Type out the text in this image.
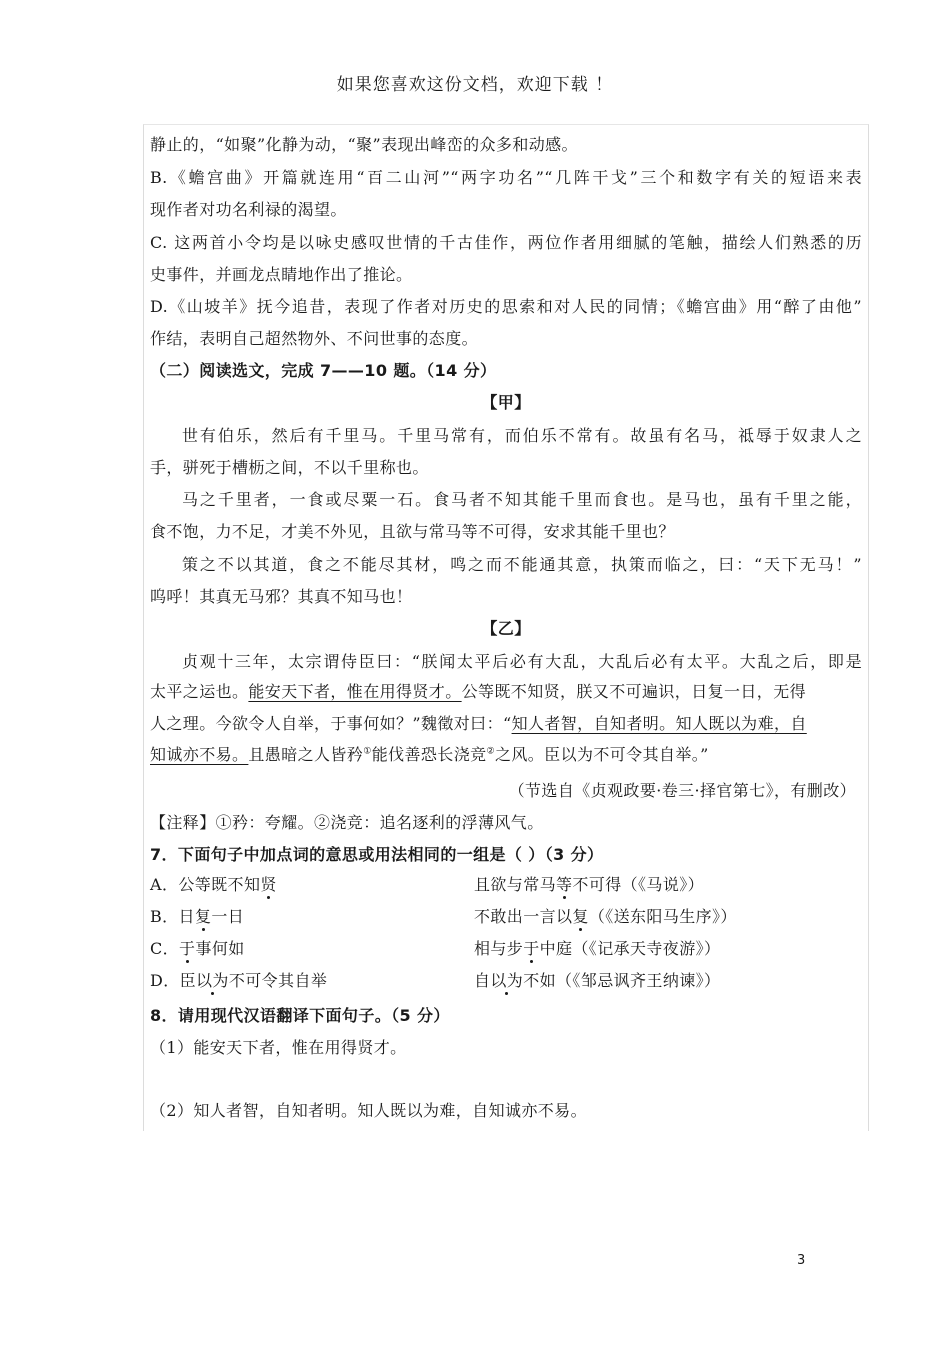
如果您喜欢这份文档，欢迎下载 ！
静止的，“如聚”化静为动，“聚”表现出峰峦的众多和动感。
B.《蟾宫曲》开篇就连用“百二山河”“两字功名”“几阵干戈”三个和数字有关的短语来表
现作者对功名利禄的渴望。
C. 这两首小令均是以咏史感叹世情的千古佳作，两位作者用细腻的笔触，描绘人们熟悉的历
史事件，并画龙点睛地作出了推论。
D.《山坡羊》抚今追昔，表现了作者对历史的思索和对人民的同情；《蟾宫曲》用“醉了由他”
作结，表明自己超然物外、不问世事的态度。
（二）阅读选文，完成 7——10 题。（14 分）
【甲】
世有伯乐，然后有千里马。千里马常有，而伯乐不常有。故虽有名马，祗辱于奴隶人之
手，骈死于槽枥之间，不以千里称也。
马之千里者，一食或尽粟一石。食马者不知其能千里而食也。是马也，虽有千里之能，
食不饱，力不足，才美不外见，且欲与常马等不可得，安求其能千里也？
策之不以其道，食之不能尽其材，鸣之而不能通其意，执策而临之，曰：“天下无马！”
呜呼！其真无马邪？其真不知马也！
【乙】
贞观十三年，太宗谓侍臣曰：“朕闻太平后必有大乱，大乱后必有太平。大乱之后，即是
太平之运也。能安天下者，惟在用得贤才。公等既不知贤，朕又不可遍识，日复一日，无得
人之理。今欲令人自举，于事何如？”魏徵对曰：“知人者智，自知者明。知人既以为难，自
知诚亦不易。且愚暗之人皆矜①能伐善恐长浇竞②之风。臣以为不可令其自举。”
（节选自《贞观政要·卷三·择官第七》，有删改）
【注释】①矜：夸耀。②浇竞：追名逐利的浮薄风气。
7．下面句子中加点词的意思或用法相同的一组是（ ）（3 分）
A．公等既不知贤	且欲与常马等不可得（《马说》）
B．日复一日	不敢出一言以复（《送东阳马生序》）
C．于事何如	相与步于中庭（《记承天寺夜游》）
D．臣以为不可令其自举	自以为不如（《邹忌讽齐王纳谏》）
8．请用现代汉语翻译下面句子。（5 分）
（1）能安天下者，惟在用得贤才。
（2）知人者智，自知者明。知人既以为难，自知诚亦不易。
3
